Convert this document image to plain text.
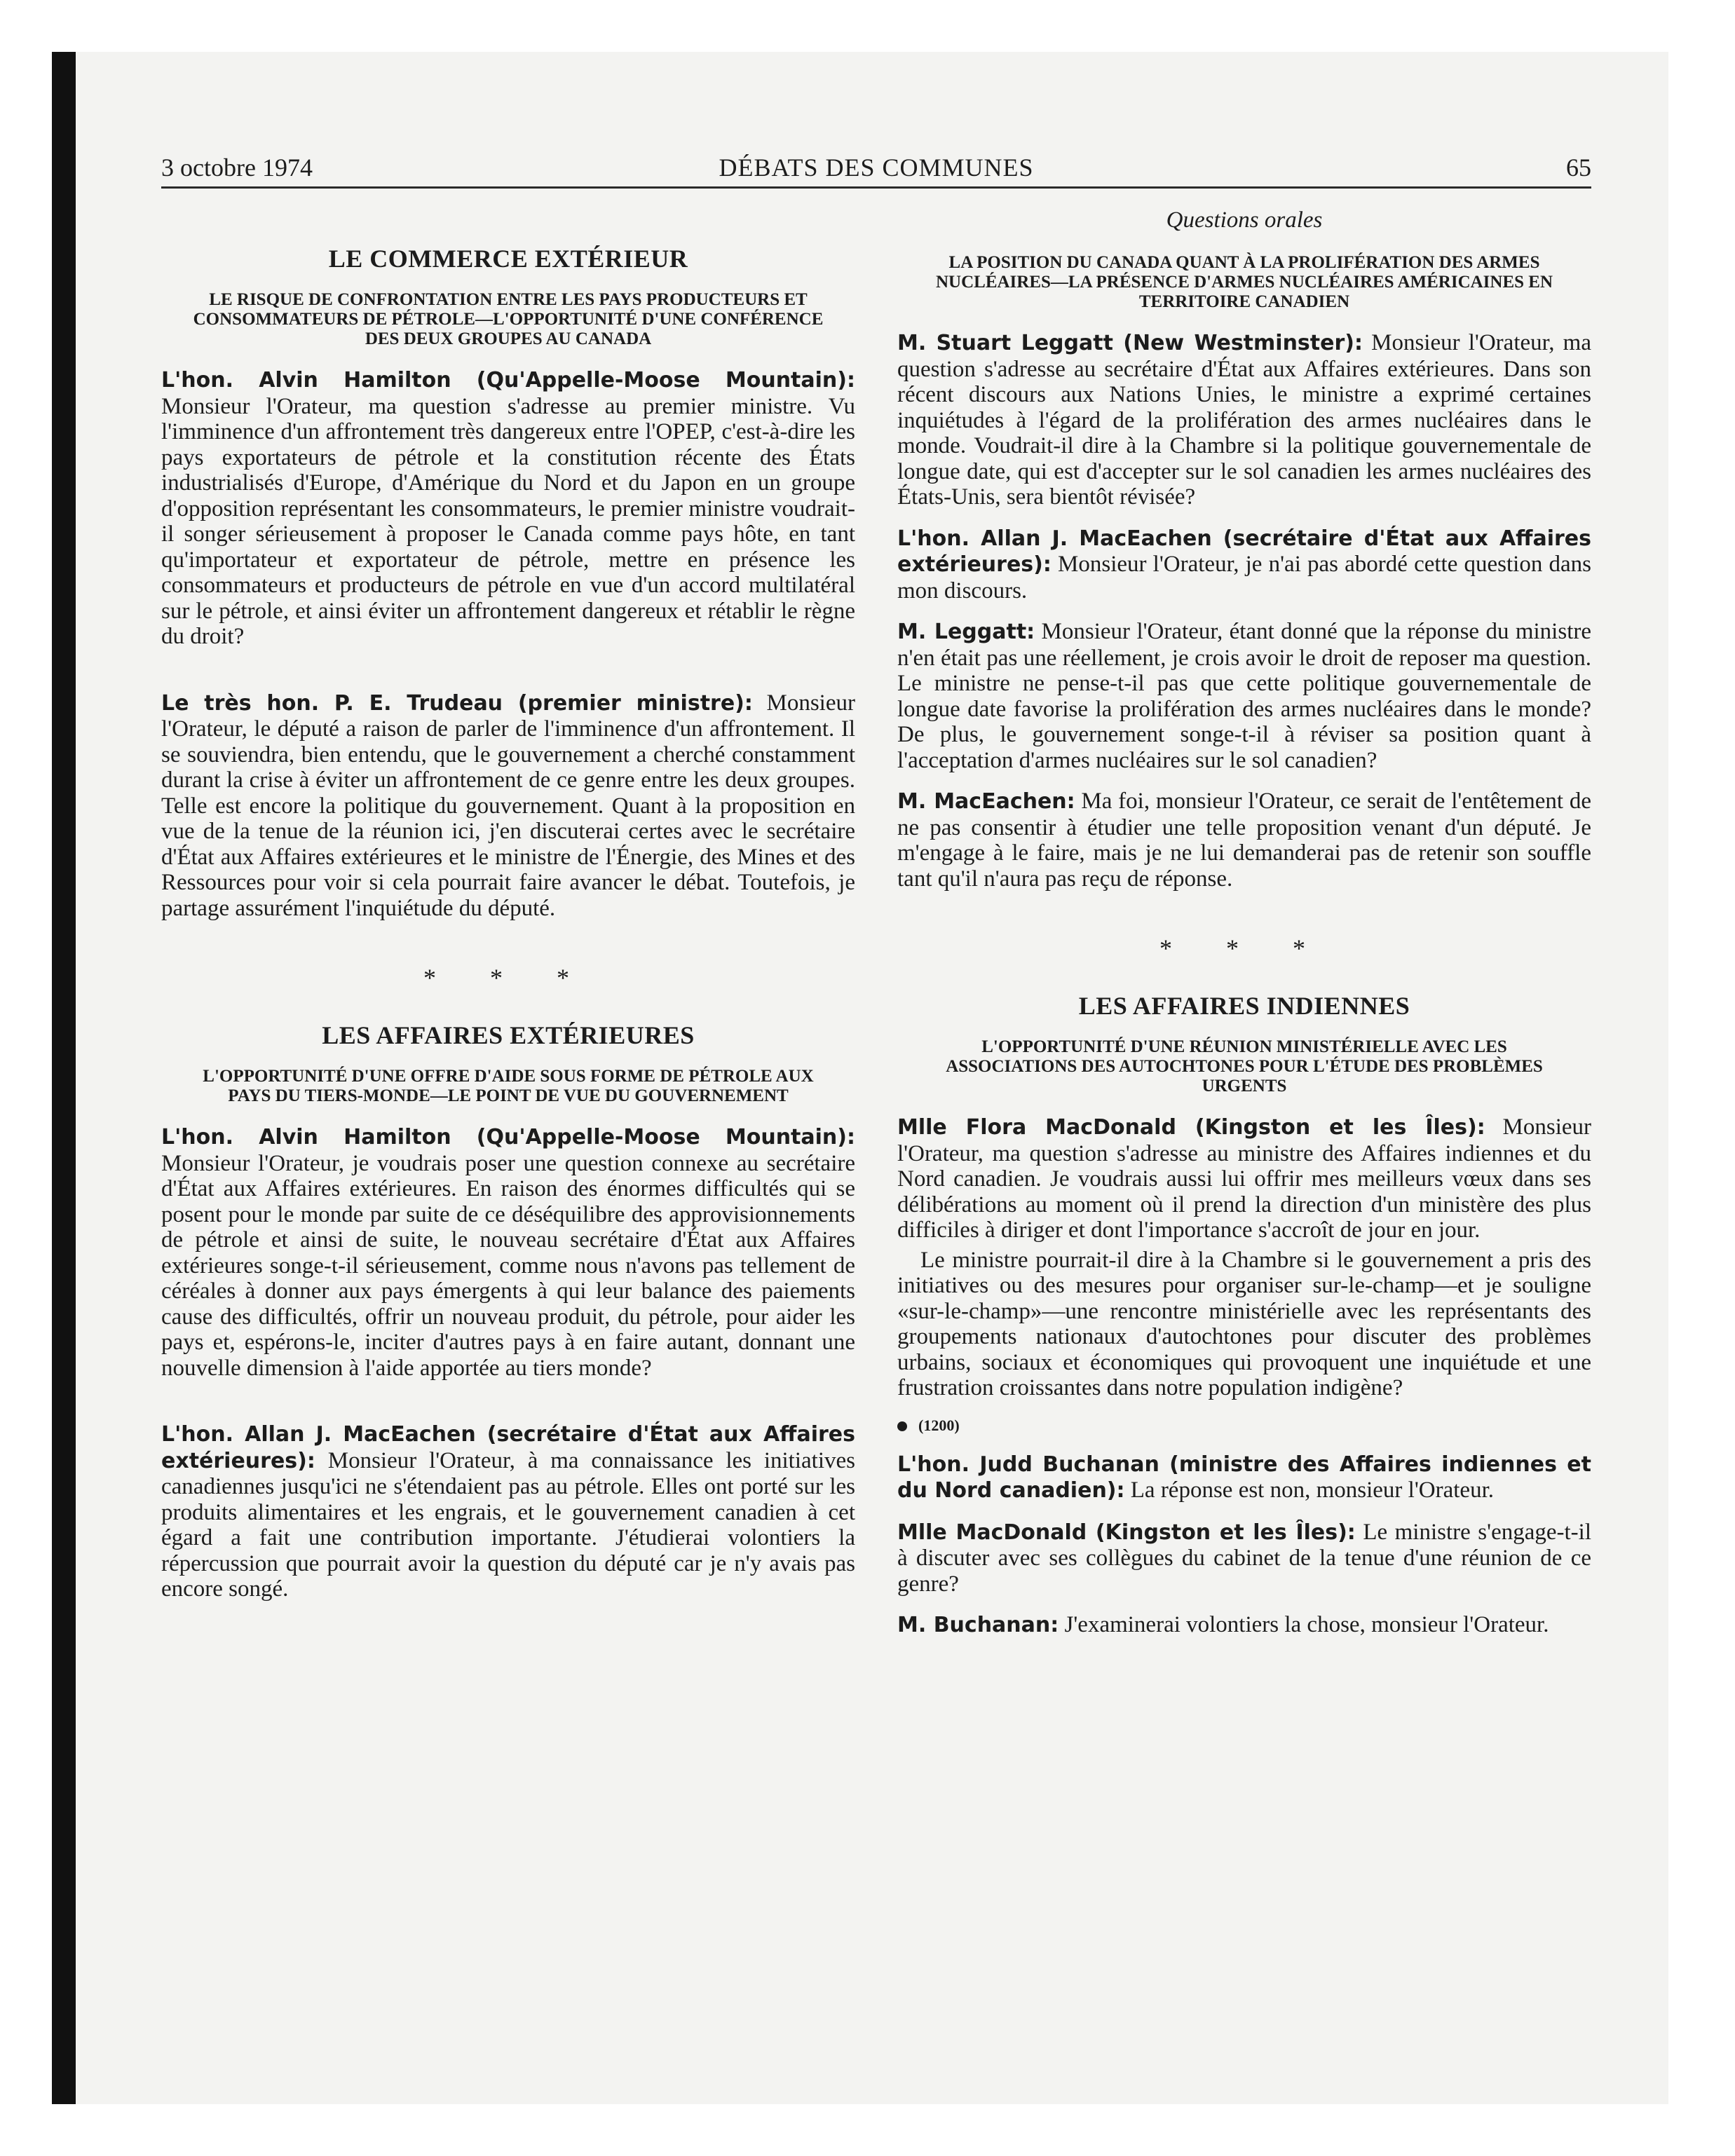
3 octobre 1974	DÉBATS DES COMMUNES	65
LE COMMERCE EXTÉRIEUR
LE RISQUE DE CONFRONTATION ENTRE LES PAYS PRODUCTEURS ET CONSOMMATEURS DE PÉTROLE—L'OPPORTUNITÉ D'UNE CONFÉRENCE DES DEUX GROUPES AU CANADA

L'hon. Alvin Hamilton (Qu'Appelle-Moose Mountain): Monsieur l'Orateur, ma question s'adresse au premier ministre. Vu l'imminence d'un affrontement très dangereux entre l'OPEP, c'est-à-dire les pays exportateurs de pétrole et la constitution récente des États industrialisés d'Europe, d'Amérique du Nord et du Japon en un groupe d'opposition représentant les consommateurs, le premier ministre voudrait-il songer sérieusement à proposer le Canada comme pays hôte, en tant qu'importateur et exportateur de pétrole, mettre en présence les consommateurs et producteurs de pétrole en vue d'un accord multilatéral sur le pétrole, et ainsi éviter un affrontement dangereux et rétablir le règne du droit?

Le très hon. P. E. Trudeau (premier ministre): Monsieur l'Orateur, le député a raison de parler de l'imminence d'un affrontement. Il se souviendra, bien entendu, que le gouvernement a cherché constamment durant la crise à éviter un affrontement de ce genre entre les deux groupes. Telle est encore la politique du gouvernement. Quant à la proposition en vue de la tenue de la réunion ici, j'en discuterai certes avec le secrétaire d'État aux Affaires extérieures et le ministre de l'Énergie, des Mines et des Ressources pour voir si cela pourrait faire avancer le débat. Toutefois, je partage assurément l'inquiétude du député.

* * *
LES AFFAIRES EXTÉRIEURES
L'OPPORTUNITÉ D'UNE OFFRE D'AIDE SOUS FORME DE PÉTROLE AUX PAYS DU TIERS-MONDE—LE POINT DE VUE DU GOUVERNEMENT

L'hon. Alvin Hamilton (Qu'Appelle-Moose Mountain): Monsieur l'Orateur, je voudrais poser une question connexe au secrétaire d'État aux Affaires extérieures. En raison des énormes difficultés qui se posent pour le monde par suite de ce déséquilibre des approvisionnements de pétrole et ainsi de suite, le nouveau secrétaire d'État aux Affaires extérieures songe-t-il sérieusement, comme nous n'avons pas tellement de céréales à donner aux pays émergents à qui leur balance des paiements cause des difficultés, offrir un nouveau produit, du pétrole, pour aider les pays et, espérons-le, inciter d'autres pays à en faire autant, donnant une nouvelle dimension à l'aide apportée au tiers monde?

L'hon. Allan J. MacEachen (secrétaire d'État aux Affaires extérieures): Monsieur l'Orateur, à ma connaissance les initiatives canadiennes jusqu'ici ne s'étendaient pas au pétrole. Elles ont porté sur les produits alimentaires et les engrais, et le gouvernement canadien à cet égard a fait une contribution importante. J'étudierai volontiers la répercussion que pourrait avoir la question du député car je n'y avais pas encore songé.

Questions orales
LA POSITION DU CANADA QUANT À LA PROLIFÉRATION DES ARMES NUCLÉAIRES—LA PRÉSENCE D'ARMES NUCLÉAIRES AMÉRICAINES EN TERRITOIRE CANADIEN

M. Stuart Leggatt (New Westminster): Monsieur l'Orateur, ma question s'adresse au secrétaire d'État aux Affaires extérieures. Dans son récent discours aux Nations Unies, le ministre a exprimé certaines inquiétudes à l'égard de la prolifération des armes nucléaires dans le monde. Voudrait-il dire à la Chambre si la politique gouvernementale de longue date, qui est d'accepter sur le sol canadien les armes nucléaires des États-Unis, sera bientôt révisée?

L'hon. Allan J. MacEachen (secrétaire d'État aux Affaires extérieures): Monsieur l'Orateur, je n'ai pas abordé cette question dans mon discours.

M. Leggatt: Monsieur l'Orateur, étant donné que la réponse du ministre n'en était pas une réellement, je crois avoir le droit de reposer ma question. Le ministre ne pense-t-il pas que cette politique gouvernementale de longue date favorise la prolifération des armes nucléaires dans le monde? De plus, le gouvernement songe-t-il à réviser sa position quant à l'acceptation d'armes nucléaires sur le sol canadien?

M. MacEachen: Ma foi, monsieur l'Orateur, ce serait de l'entêtement de ne pas consentir à étudier une telle proposition venant d'un député. Je m'engage à le faire, mais je ne lui demanderai pas de retenir son souffle tant qu'il n'aura pas reçu de réponse.

* * *
LES AFFAIRES INDIENNES
L'OPPORTUNITÉ D'UNE RÉUNION MINISTÉRIELLE AVEC LES ASSOCIATIONS DES AUTOCHTONES POUR L'ÉTUDE DES PROBLÈMES URGENTS

Mlle Flora MacDonald (Kingston et les Îles): Monsieur l'Orateur, ma question s'adresse au ministre des Affaires indiennes et du Nord canadien. Je voudrais aussi lui offrir mes meilleurs vœux dans ses délibérations au moment où il prend la direction d'un ministère des plus difficiles à diriger et dont l'importance s'accroît de jour en jour.

Le ministre pourrait-il dire à la Chambre si le gouvernement a pris des initiatives ou des mesures pour organiser sur-le-champ—et je souligne «sur-le-champ»—une rencontre ministérielle avec les représentants des groupements nationaux d'autochtones pour discuter des problèmes urbains, sociaux et économiques qui provoquent une inquiétude et une frustration croissantes dans notre population indigène?

(1200)

L'hon. Judd Buchanan (ministre des Affaires indiennes et du Nord canadien): La réponse est non, monsieur l'Orateur.

Mlle MacDonald (Kingston et les Îles): Le ministre s'engage-t-il à discuter avec ses collègues du cabinet de la tenue d'une réunion de ce genre?

M. Buchanan: J'examinerai volontiers la chose, monsieur l'Orateur.
